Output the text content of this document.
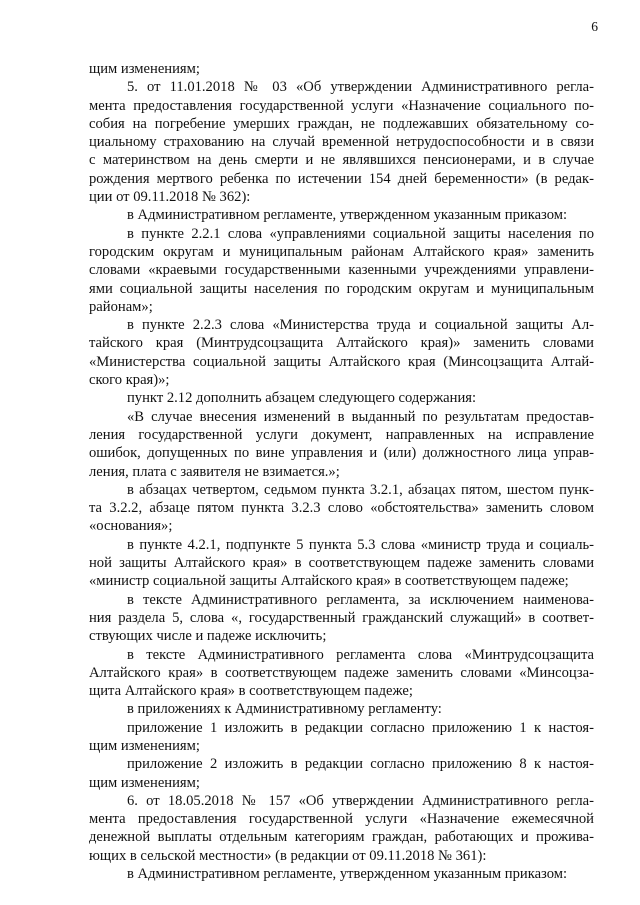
6

щим изменениям;

5. от 11.01.2018 № 03 «Об утверждении Административного регла-
мента предоставления государственной услуги «Назначение социального по-
собия на погребение умерших граждан, не подлежавших обязательному со-
циальному страхованию на случай временной нетрудоспособности и в связи
с материнством на день смерти и не являвшихся пенсионерами, и в случае
рождения мертвого ребенка по истечении 154 дней беременности» (в редак-
ции от 09.11.2018 № 362):

в Административном регламенте, утвержденном указанным приказом:

в пункте 2.2.1 слова «управлениями социальной защиты населения по
городским округам и муниципальным районам Алтайского края» заменить
словами «краевыми государственными казенными учреждениями управлени-
ями социальной защиты населения по городским округам и муниципальным
районам»;

в пункте 2.2.3 слова «Министерства труда и социальной защиты Ал-
тайского края (Минтрудсоцзащита Алтайского края)» заменить словами
«Министерства социальной защиты Алтайского края (Минсоцзащита Алтай-
ского края)»;

пункт 2.12 дополнить абзацем следующего содержания:

«В случае внесения изменений в выданный по результатам предостав-
ления государственной услуги документ, направленных на исправление
ошибок, допущенных по вине управления и (или) должностного лица управ-
ления, плата с заявителя не взимается.»;

в абзацах четвертом, седьмом пункта 3.2.1, абзацах пятом, шестом пунк-
та 3.2.2, абзаце пятом пункта 3.2.3 слово «обстоятельства» заменить словом
«основания»;

в пункте 4.2.1, подпункте 5 пункта 5.3 слова «министр труда и социаль-
ной защиты Алтайского края» в соответствующем падеже заменить словами
«министр социальной защиты Алтайского края» в соответствующем падеже;

в тексте Административного регламента, за исключением наименова-
ния раздела 5, слова «, государственный гражданский служащий» в соответ-
ствующих числе и падеже исключить;

в тексте Административного регламента слова «Минтрудсоцзащита
Алтайского края» в соответствующем падеже заменить словами «Минсоцза-
щита Алтайского края» в соответствующем падеже;

в приложениях к Административному регламенту:

приложение 1 изложить в редакции согласно приложению 1 к настоя-
щим изменениям;

приложение 2 изложить в редакции согласно приложению 8 к настоя-
щим изменениям;

6. от 18.05.2018 № 157 «Об утверждении Административного регла-
мента предоставления государственной услуги «Назначение ежемесячной
денежной выплаты отдельным категориям граждан, работающих и прожива-
ющих в сельской местности» (в редакции от 09.11.2018 № 361):

в Административном регламенте, утвержденном указанным приказом:
